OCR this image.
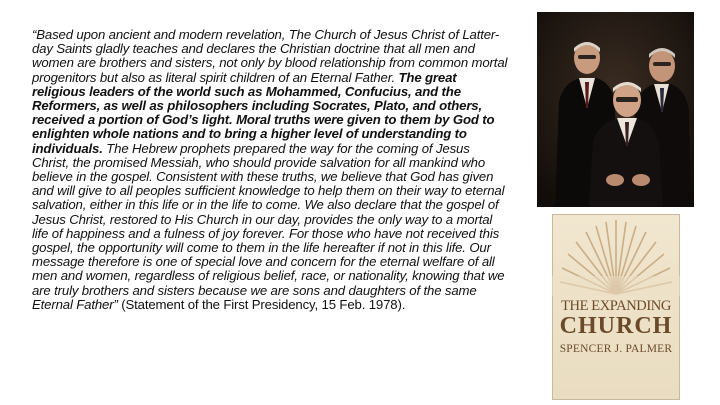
“Based upon ancient and modern revelation, The Church of Jesus Christ of Latter-day Saints gladly teaches and declares the Christian doctrine that all men and women are brothers and sisters, not only by blood relationship from common mortal progenitors but also as literal spirit children of an Eternal Father. The great religious leaders of the world such as Mohammed, Confucius, and the Reformers, as well as philosophers including Socrates, Plato, and others, received a portion of God’s light. Moral truths were given to them by God to enlighten whole nations and to bring a higher level of understanding to individuals. The Hebrew prophets prepared the way for the coming of Jesus Christ, the promised Messiah, who should provide salvation for all mankind who believe in the gospel. Consistent with these truths, we believe that God has given and will give to all peoples sufficient knowledge to help them on their way to eternal salvation, either in this life or in the life to come. We also declare that the gospel of Jesus Christ, restored to His Church in our day, provides the only way to a mortal life of happiness and a fulness of joy forever. For those who have not received this gospel, the opportunity will come to them in the life hereafter if not in this life. Our message therefore is one of special love and concern for the eternal welfare of all men and women, regardless of religious belief, race, or nationality, knowing that we are truly brothers and sisters because we are sons and daughters of the same Eternal Father” (Statement of the First Presidency, 15 Feb. 1978).	THE EXPANDING
CHURCH
SPENCER J. PALMER
